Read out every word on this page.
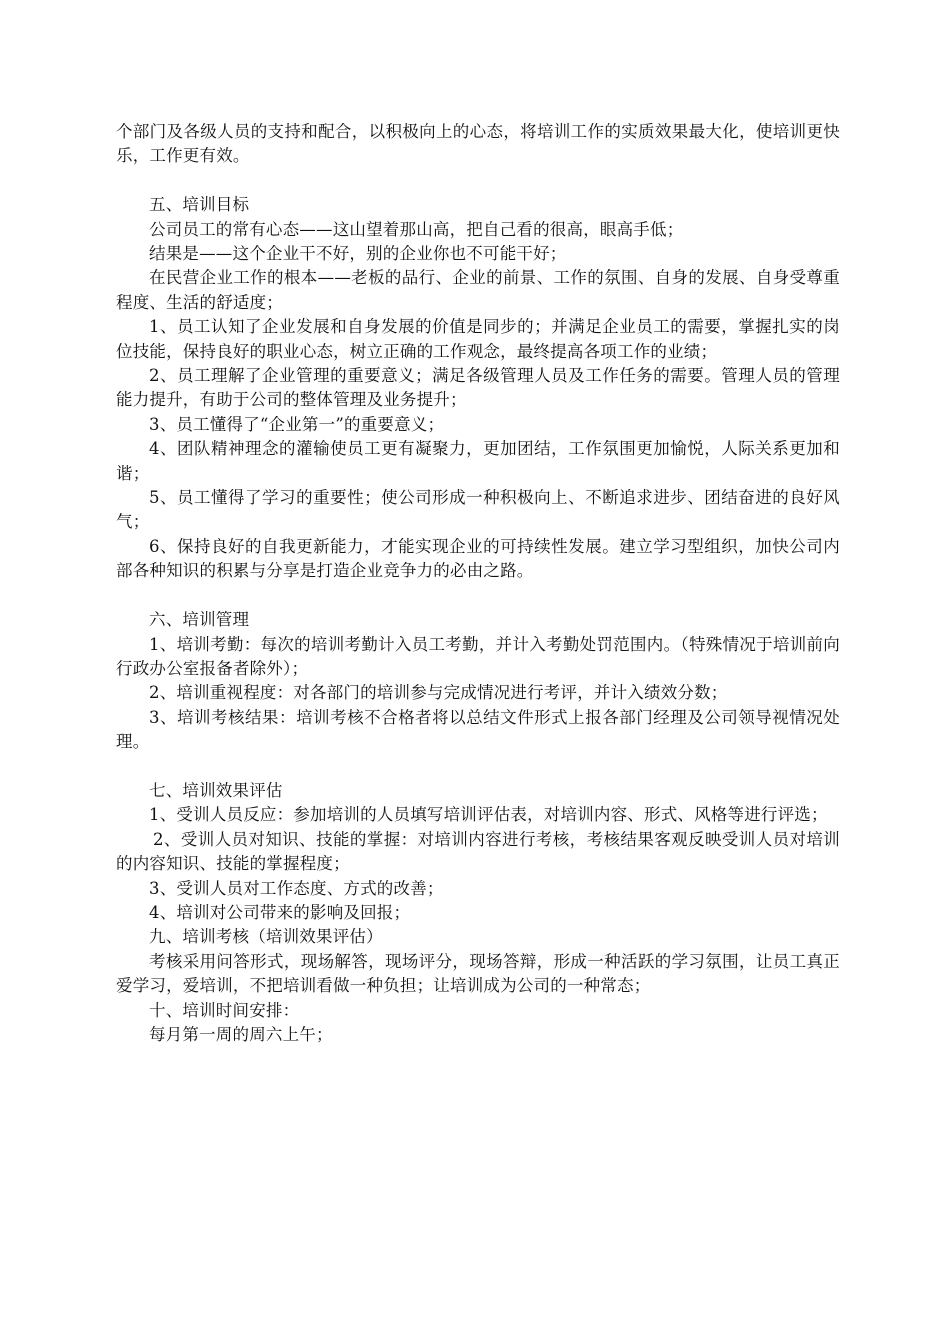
个部门及各级人员的支持和配合，以积极向上的心态，将培训工作的实质效果最大化，使培训更快乐，工作更有效。

五、培训目标

公司员工的常有心态——这山望着那山高，把自己看的很高，眼高手低；

结果是——这个企业干不好，别的企业你也不可能干好；

在民营企业工作的根本——老板的品行、企业的前景、工作的氛围、自身的发展、自身受尊重程度、生活的舒适度；

1、员工认知了企业发展和自身发展的价值是同步的；并满足企业员工的需要，掌握扎实的岗位技能，保持良好的职业心态，树立正确的工作观念，最终提高各项工作的业绩；

2、员工理解了企业管理的重要意义；满足各级管理人员及工作任务的需要。管理人员的管理能力提升，有助于公司的整体管理及业务提升；

3、员工懂得了“企业第一”的重要意义；

4、团队精神理念的灌输使员工更有凝聚力，更加团结，工作氛围更加愉悦，人际关系更加和谐；

5、员工懂得了学习的重要性；使公司形成一种积极向上、不断追求进步、团结奋进的良好风气；

6、保持良好的自我更新能力，才能实现企业的可持续性发展。建立学习型组织，加快公司内部各种知识的积累与分享是打造企业竞争力的必由之路。

六、培训管理

1、培训考勤：每次的培训考勤计入员工考勤，并计入考勤处罚范围内。（特殊情况于培训前向行政办公室报备者除外）；

2、培训重视程度：对各部门的培训参与完成情况进行考评，并计入绩效分数；

3、培训考核结果：培训考核不合格者将以总结文件形式上报各部门经理及公司领导视情况处理。

七、培训效果评估

1、受训人员反应：参加培训的人员填写培训评估表，对培训内容、形式、风格等进行评选；

2、受训人员对知识、技能的掌握：对培训内容进行考核，考核结果客观反映受训人员对培训的内容知识、技能的掌握程度；

3、受训人员对工作态度、方式的改善；

4、培训对公司带来的影响及回报；

九、培训考核（培训效果评估）

考核采用问答形式，现场解答，现场评分，现场答辩，形成一种活跃的学习氛围，让员工真正爱学习，爱培训，不把培训看做一种负担；让培训成为公司的一种常态；

十、培训时间安排：

每月第一周的周六上午；
